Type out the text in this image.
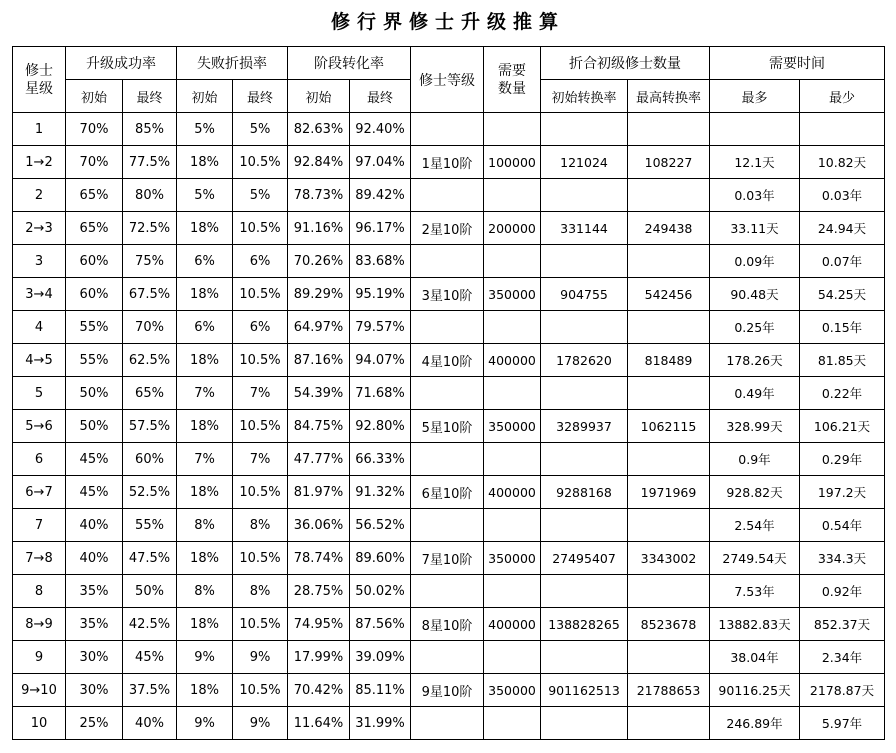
修行界修士升级推算
修士
星级	升级成功率		失败折损率		阶段转化率		修士等级	需要
数量	折合初级修士数量		需要时间	
	初始	最终	初始	最终	初始	最终			初始转换率	最高转换率	最多	最少
1	70%	85%	5%	5%	82.63%	92.40%						
1→2	70%	77.5%	18%	10.5%	92.84%	97.04%	1星10阶	100000	121024	108227	12.1天	10.82天
2	65%	80%	5%	5%	78.73%	89.42%					0.03年	0.03年
2→3	65%	72.5%	18%	10.5%	91.16%	96.17%	2星10阶	200000	331144	249438	33.11天	24.94天
3	60%	75%	6%	6%	70.26%	83.68%					0.09年	0.07年
3→4	60%	67.5%	18%	10.5%	89.29%	95.19%	3星10阶	350000	904755	542456	90.48天	54.25天
4	55%	70%	6%	6%	64.97%	79.57%					0.25年	0.15年
4→5	55%	62.5%	18%	10.5%	87.16%	94.07%	4星10阶	400000	1782620	818489	178.26天	81.85天
5	50%	65%	7%	7%	54.39%	71.68%					0.49年	0.22年
5→6	50%	57.5%	18%	10.5%	84.75%	92.80%	5星10阶	350000	3289937	1062115	328.99天	106.21天
6	45%	60%	7%	7%	47.77%	66.33%					0.9年	0.29年
6→7	45%	52.5%	18%	10.5%	81.97%	91.32%	6星10阶	400000	9288168	1971969	928.82天	197.2天
7	40%	55%	8%	8%	36.06%	56.52%					2.54年	0.54年
7→8	40%	47.5%	18%	10.5%	78.74%	89.60%	7星10阶	350000	27495407	3343002	2749.54天	334.3天
8	35%	50%	8%	8%	28.75%	50.02%					7.53年	0.92年
8→9	35%	42.5%	18%	10.5%	74.95%	87.56%	8星10阶	400000	138828265	8523678	13882.83天	852.37天
9	30%	45%	9%	9%	17.99%	39.09%					38.04年	2.34年
9→10	30%	37.5%	18%	10.5%	70.42%	85.11%	9星10阶	350000	901162513	21788653	90116.25天	2178.87天
10	25%	40%	9%	9%	11.64%	31.99%					246.89年	5.97年
